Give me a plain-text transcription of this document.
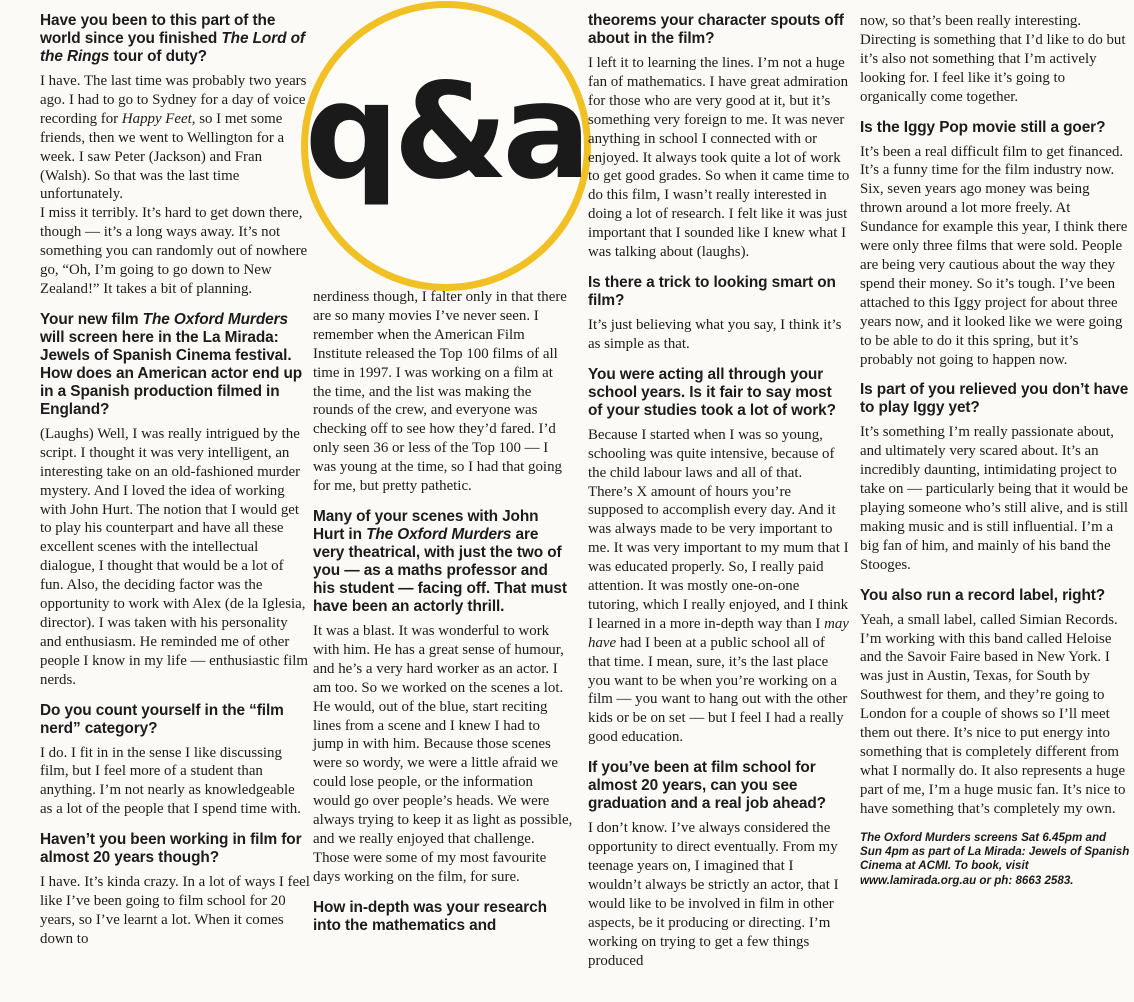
q&a

Have you been to this part of the world since you finished The Lord of the Rings tour of duty?

I have. The last time was probably two years ago. I had to go to Sydney for a day of voice recording for Happy Feet, so I met some friends, then we went to Wellington for a week. I saw Peter (Jackson) and Fran (Walsh). So that was the last time unfortunately.

I miss it terribly. It’s hard to get down there, though — it’s a long ways away. It’s not something you can randomly out of nowhere go, “Oh, I’m going to go down to New Zealand!” It takes a bit of planning.

Your new film The Oxford Murders will screen here in the La Mirada: Jewels of Spanish Cinema festival. How does an American actor end up in a Spanish production filmed in England?

(Laughs) Well, I was really intrigued by the script. I thought it was very intelligent, an interesting take on an old-fashioned murder mystery. And I loved the idea of working with John Hurt. The notion that I would get to play his counterpart and have all these excellent scenes with the intellectual dialogue, I thought that would be a lot of fun. Also, the deciding factor was the opportunity to work with Alex (de la Iglesia, director). I was taken with his personality and enthusiasm. He reminded me of other people I know in my life — enthusiastic film nerds.

Do you count yourself in the “film nerd” category?

I do. I fit in in the sense I like discussing film, but I feel more of a student than anything. I’m not nearly as knowledgeable as a lot of the people that I spend time with.

Haven’t you been working in film for almost 20 years though?

I have. It’s kinda crazy. In a lot of ways I feel like I’ve been going to film school for 20 years, so I’ve learnt a lot. When it comes down to

nerdiness though, I falter only in that there are so many movies I’ve never seen. I remember when the American Film Institute released the Top 100 films of all time in 1997. I was working on a film at the time, and the list was making the rounds of the crew, and everyone was checking off to see how they’d fared. I’d only seen 36 or less of the Top 100 — I was young at the time, so I had that going for me, but pretty pathetic.

Many of your scenes with John Hurt in The Oxford Murders are very theatrical, with just the two of you — as a maths professor and his student — facing off. That must have been an actorly thrill.

It was a blast. It was wonderful to work with him. He has a great sense of humour, and he’s a very hard worker as an actor. I am too. So we worked on the scenes a lot. He would, out of the blue, start reciting lines from a scene and I knew I had to jump in with him. Because those scenes were so wordy, we were a little afraid we could lose people, or the information would go over people’s heads. We were always trying to keep it as light as possible, and we really enjoyed that challenge. Those were some of my most favourite days working on the film, for sure.

How in-depth was your research into the mathematics and

theorems your character spouts off about in the film?

I left it to learning the lines. I’m not a huge fan of mathematics. I have great admiration for those who are very good at it, but it’s something very foreign to me. It was never anything in school I connected with or enjoyed. It always took quite a lot of work to get good grades. So when it came time to do this film, I wasn’t really interested in doing a lot of research. I felt like it was just important that I sounded like I knew what I was talking about (laughs).

Is there a trick to looking smart on film?

It’s just believing what you say, I think it’s as simple as that.

You were acting all through your school years. Is it fair to say most of your studies took a lot of work?

Because I started when I was so young, schooling was quite intensive, because of the child labour laws and all of that. There’s X amount of hours you’re supposed to accomplish every day. And it was always made to be very important to me. It was very important to my mum that I was educated properly. So, I really paid attention. It was mostly one-on-one tutoring, which I really enjoyed, and I think I learned in a more in-depth way than I may have had I been at a public school all of that time. I mean, sure, it’s the last place you want to be when you’re working on a film — you want to hang out with the other kids or be on set — but I feel I had a really good education.

If you’ve been at film school for almost 20 years, can you see graduation and a real job ahead?

I don’t know. I’ve always considered the opportunity to direct eventually. From my teenage years on, I imagined that I wouldn’t always be strictly an actor, that I would like to be involved in film in other aspects, be it producing or directing. I’m working on trying to get a few things produced

now, so that’s been really interesting. Directing is something that I’d like to do but it’s also not something that I’m actively looking for. I feel like it’s going to organically come together.

Is the Iggy Pop movie still a goer?

It’s been a real difficult film to get financed. It’s a funny time for the film industry now. Six, seven years ago money was being thrown around a lot more freely. At Sundance for example this year, I think there were only three films that were sold. People are being very cautious about the way they spend their money. So it’s tough. I’ve been attached to this Iggy project for about three years now, and it looked like we were going to be able to do it this spring, but it’s probably not going to happen now.

Is part of you relieved you don’t have to play Iggy yet?

It’s something I’m really passionate about, and ultimately very scared about. It’s an incredibly daunting, intimidating project to take on — particularly being that it would be playing someone who’s still alive, and is still making music and is still influential. I’m a big fan of him, and mainly of his band the Stooges.

You also run a record label, right?

Yeah, a small label, called Simian Records. I’m working with this band called Heloise and the Savoir Faire based in New York. I was just in Austin, Texas, for South by Southwest for them, and they’re going to London for a couple of shows so I’ll meet them out there. It’s nice to put energy into something that is completely different from what I normally do. It also represents a huge part of me, I’m a huge music fan. It’s nice to have something that’s completely my own.

The Oxford Murders screens Sat 6.45pm and Sun 4pm as part of La Mirada: Jewels of Spanish Cinema at ACMI. To book, visit www.lamirada.org.au or ph: 8663 2583.
